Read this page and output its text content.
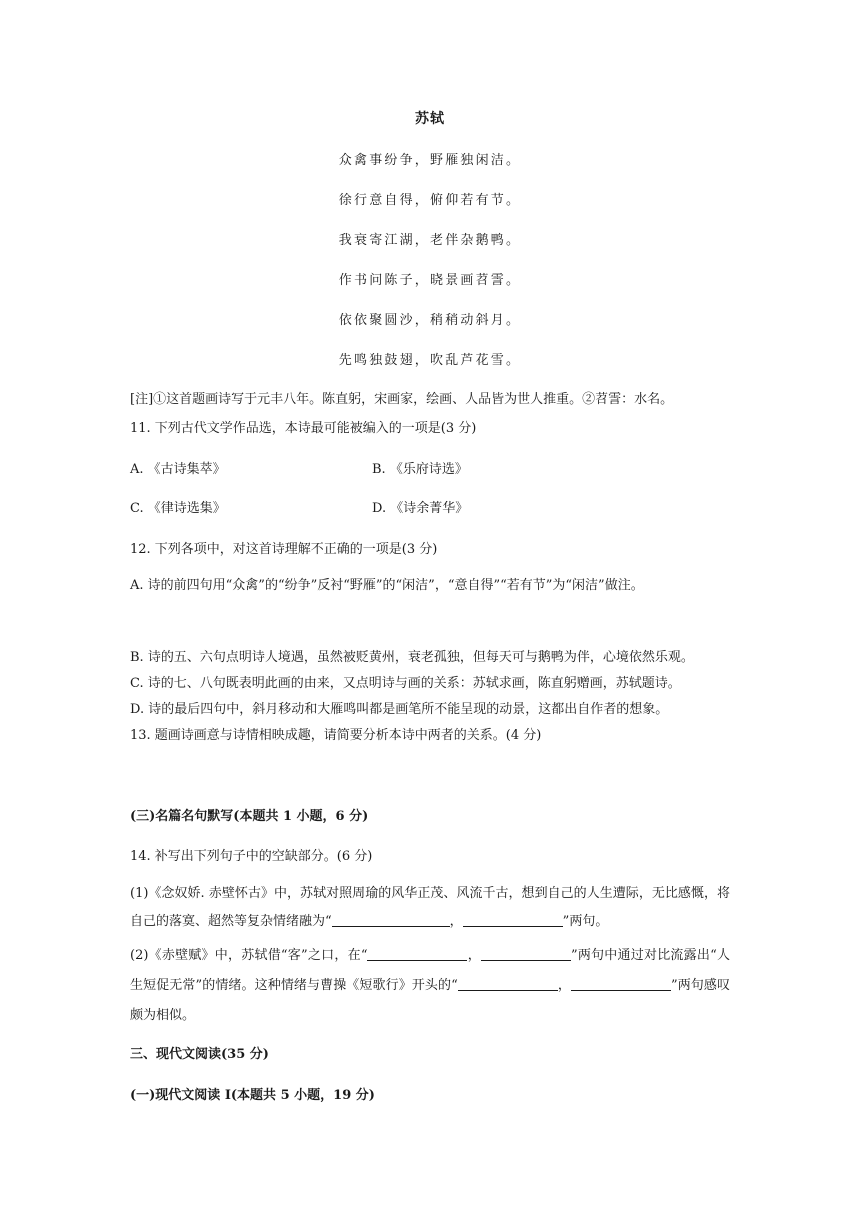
苏轼
众禽事纷争，野雁独闲洁。
徐行意自得，俯仰若有节。
我衰寄江湖，老伴杂鹅鸭。
作书问陈子，晓景画苕霅。
依依聚圆沙，稍稍动斜月。
先鸣独鼓翅，吹乱芦花雪。
[注]①这首题画诗写于元丰八年。陈直躬，宋画家，绘画、人品皆为世人推重。②苕霅：水名。
11. 下列古代文学作品选，本诗最可能被编入的一项是(3 分)
A. 《古诗集萃》	B. 《乐府诗选》
C. 《律诗选集》	D. 《诗余菁华》
12. 下列各项中，对这首诗理解不正确的一项是(3 分)
A. 诗的前四句用“众禽”的“纷争”反衬“野雁”的“闲洁”，“意自得”“若有节”为“闲洁”做注。
B. 诗的五、六句点明诗人境遇，虽然被贬黄州，衰老孤独，但每天可与鹅鸭为伴，心境依然乐观。
C. 诗的七、八句既表明此画的由来，又点明诗与画的关系：苏轼求画，陈直躬赠画，苏轼题诗。
D. 诗的最后四句中，斜月移动和大雁鸣叫都是画笔所不能呈现的动景，这都出自作者的想象。
13. 题画诗画意与诗情相映成趣，请简要分析本诗中两者的关系。(4 分)
(三)名篇名句默写(本题共 1 小题，6 分)
14. 补写出下列句子中的空缺部分。(6 分)
(1)《念奴娇. 赤壁怀古》中，苏轼对照周瑜的风华正茂、风流千古，想到自己的人生遭际，无比感慨，将自己的落寞、超然等复杂情绪融为“	，	”两句。
(2)《赤壁赋》中，苏轼借“客”之口，在“	，	”两句中通过对比流露出“人生短促无常”的情绪。这种情绪与曹操《短歌行》开头的“	，	”两句感叹颇为相似。
三、现代文阅读(35 分)
(一)现代文阅读 Ⅰ(本题共 5 小题，19 分)
